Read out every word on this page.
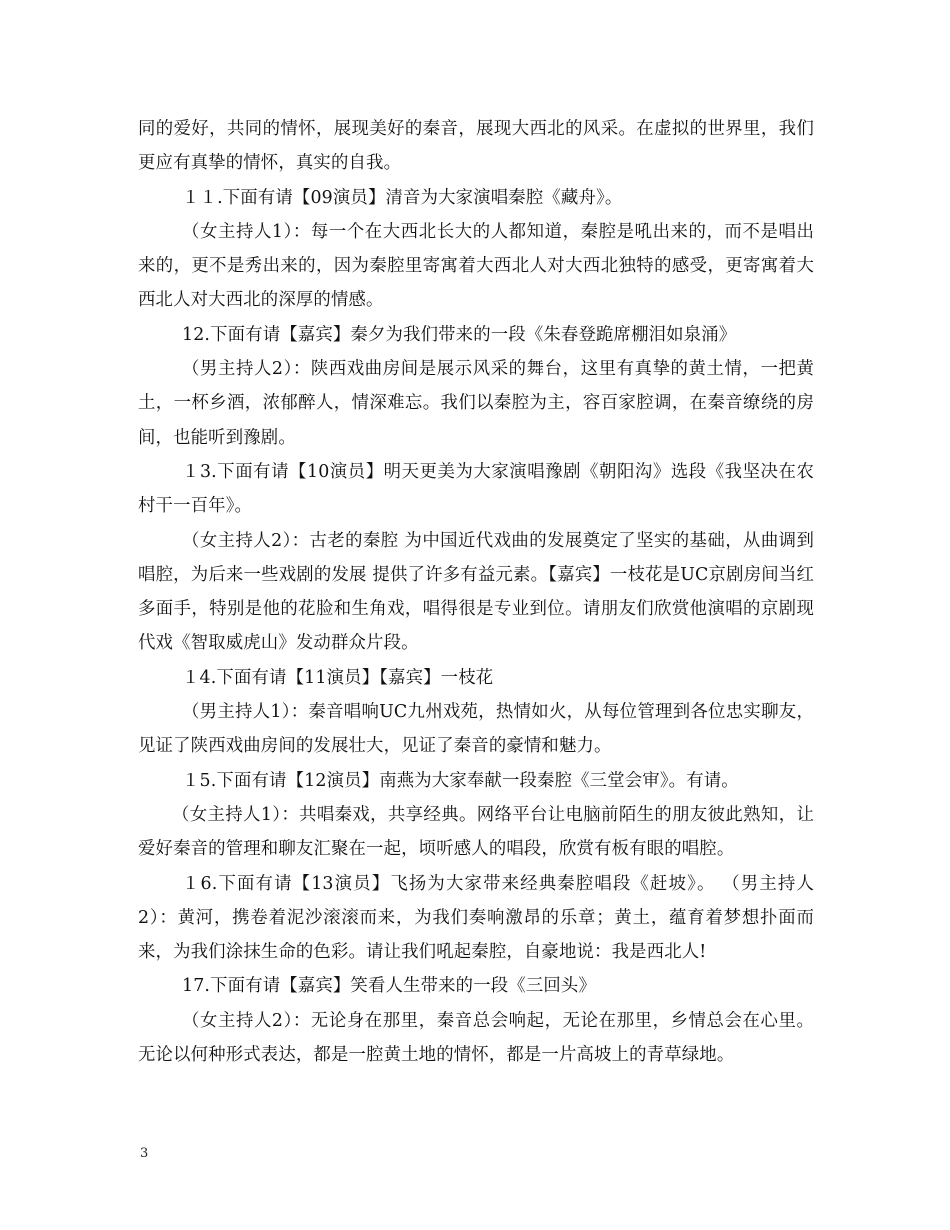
同的爱好，共同的情怀，展现美好的秦音，展现大西北的风采。在虚拟的世界里，我们更应有真挚的情怀，真实的自我。

１１.下面有请【09演员】清音为大家演唱秦腔《藏舟》。

（女主持人1）：每一个在大西北长大的人都知道，秦腔是吼出来的，而不是唱出来的，更不是秀出来的，因为秦腔里寄寓着大西北人对大西北独特的感受，更寄寓着大西北人对大西北的深厚的情感。

12.下面有请【嘉宾】秦夕为我们带来的一段《朱春登跪席棚泪如泉涌》

（男主持人2）：陕西戏曲房间是展示风采的舞台，这里有真挚的黄土情，一把黄土，一杯乡酒，浓郁醉人，情深难忘。我们以秦腔为主，容百家腔调，在秦音缭绕的房间，也能听到豫剧。

１3.下面有请【10演员】明天更美为大家演唱豫剧《朝阳沟》选段《我坚决在农村干一百年》。

（女主持人2）：古老的秦腔 为中国近代戏曲的发展奠定了坚实的基础，从曲调到唱腔，为后来一些戏剧的发展 提供了许多有益元素。【嘉宾】一枝花是UC京剧房间当红多面手，特别是他的花脸和生角戏，唱得很是专业到位。请朋友们欣赏他演唱的京剧现代戏《智取威虎山》发动群众片段。

１4.下面有请【11演员】【嘉宾】一枝花

（男主持人1）：秦音唱响UC九州戏苑，热情如火，从每位管理到各位忠实聊友，见证了陕西戏曲房间的发展壮大，见证了秦音的豪情和魅力。

１5.下面有请【12演员】南燕为大家奉献一段秦腔《三堂会审》。有请。

（女主持人1）：共唱秦戏，共享经典。网络平台让电脑前陌生的朋友彼此熟知，让爱好秦音的管理和聊友汇聚在一起，顷听感人的唱段，欣赏有板有眼的唱腔。

１6.下面有请【13演员】飞扬为大家带来经典秦腔唱段《赶坡》。 （男主持人2）：黄河，携卷着泥沙滚滚而来，为我们奏响激昂的乐章；黄土，蕴育着梦想扑面而来，为我们涂抹生命的色彩。请让我们吼起秦腔，自豪地说：我是西北人!

17.下面有请【嘉宾】笑看人生带来的一段《三回头》

（女主持人2）：无论身在那里，秦音总会响起，无论在那里，乡情总会在心里。无论以何种形式表达，都是一腔黄土地的情怀，都是一片高坡上的青草绿地。

3
